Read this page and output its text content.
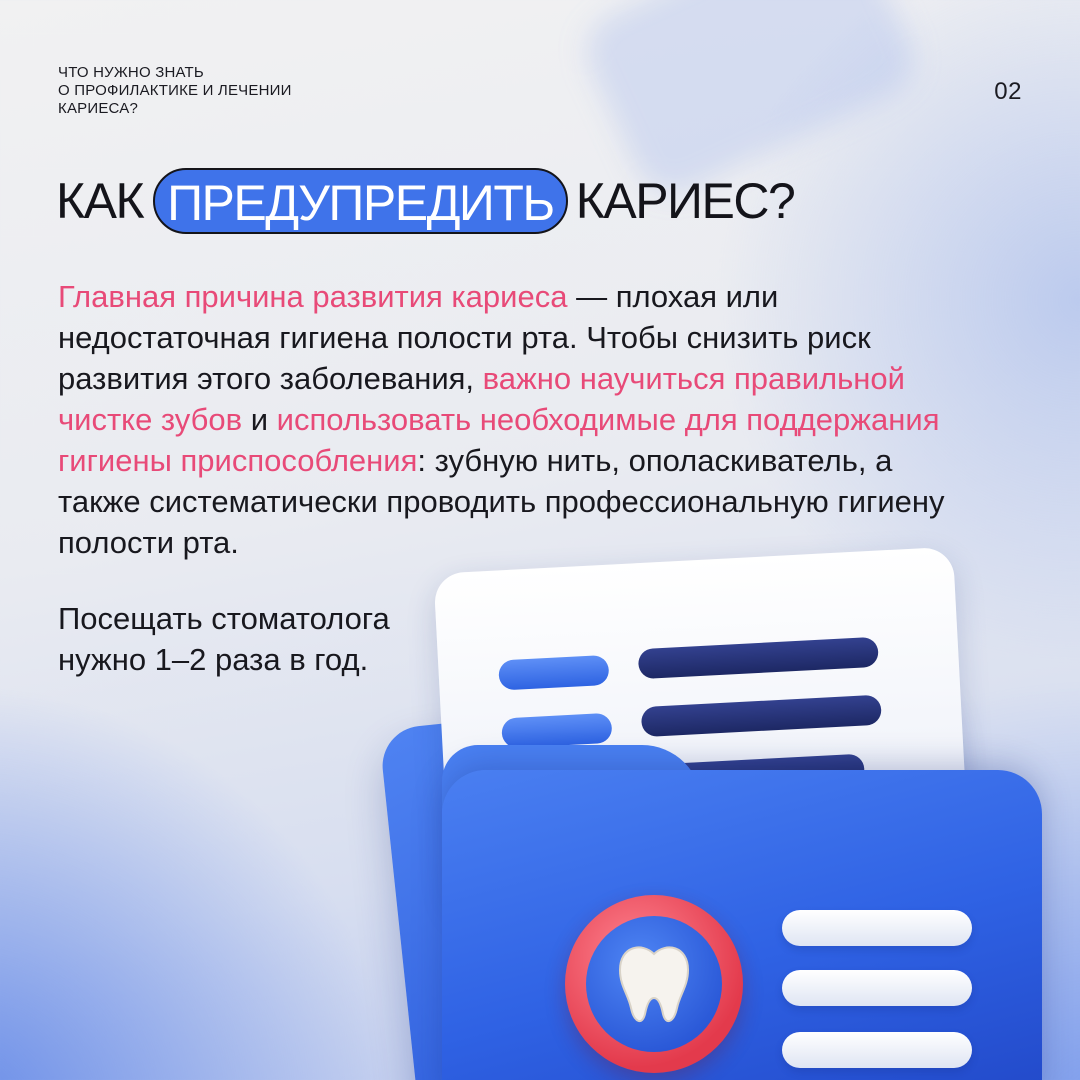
ЧТО НУЖНО ЗНАТЬ
О ПРОФИЛАКТИКЕ И ЛЕЧЕНИИ
КАРИЕСА?
02
КАК ПРЕДУПРЕДИТЬ КАРИЕС?

Главная причина развития кариеса — плохая или недостаточная гигиена полости рта. Чтобы снизить риск развития этого заболевания, важно научиться правильной чистке зубов и использовать необходимые для поддержания гигиены приспособления: зубную нить, ополаскиватель, а также систематически проводить профессиональную гигиену полости рта.

Посещать стоматолога
нужно 1–2 раза в год.
